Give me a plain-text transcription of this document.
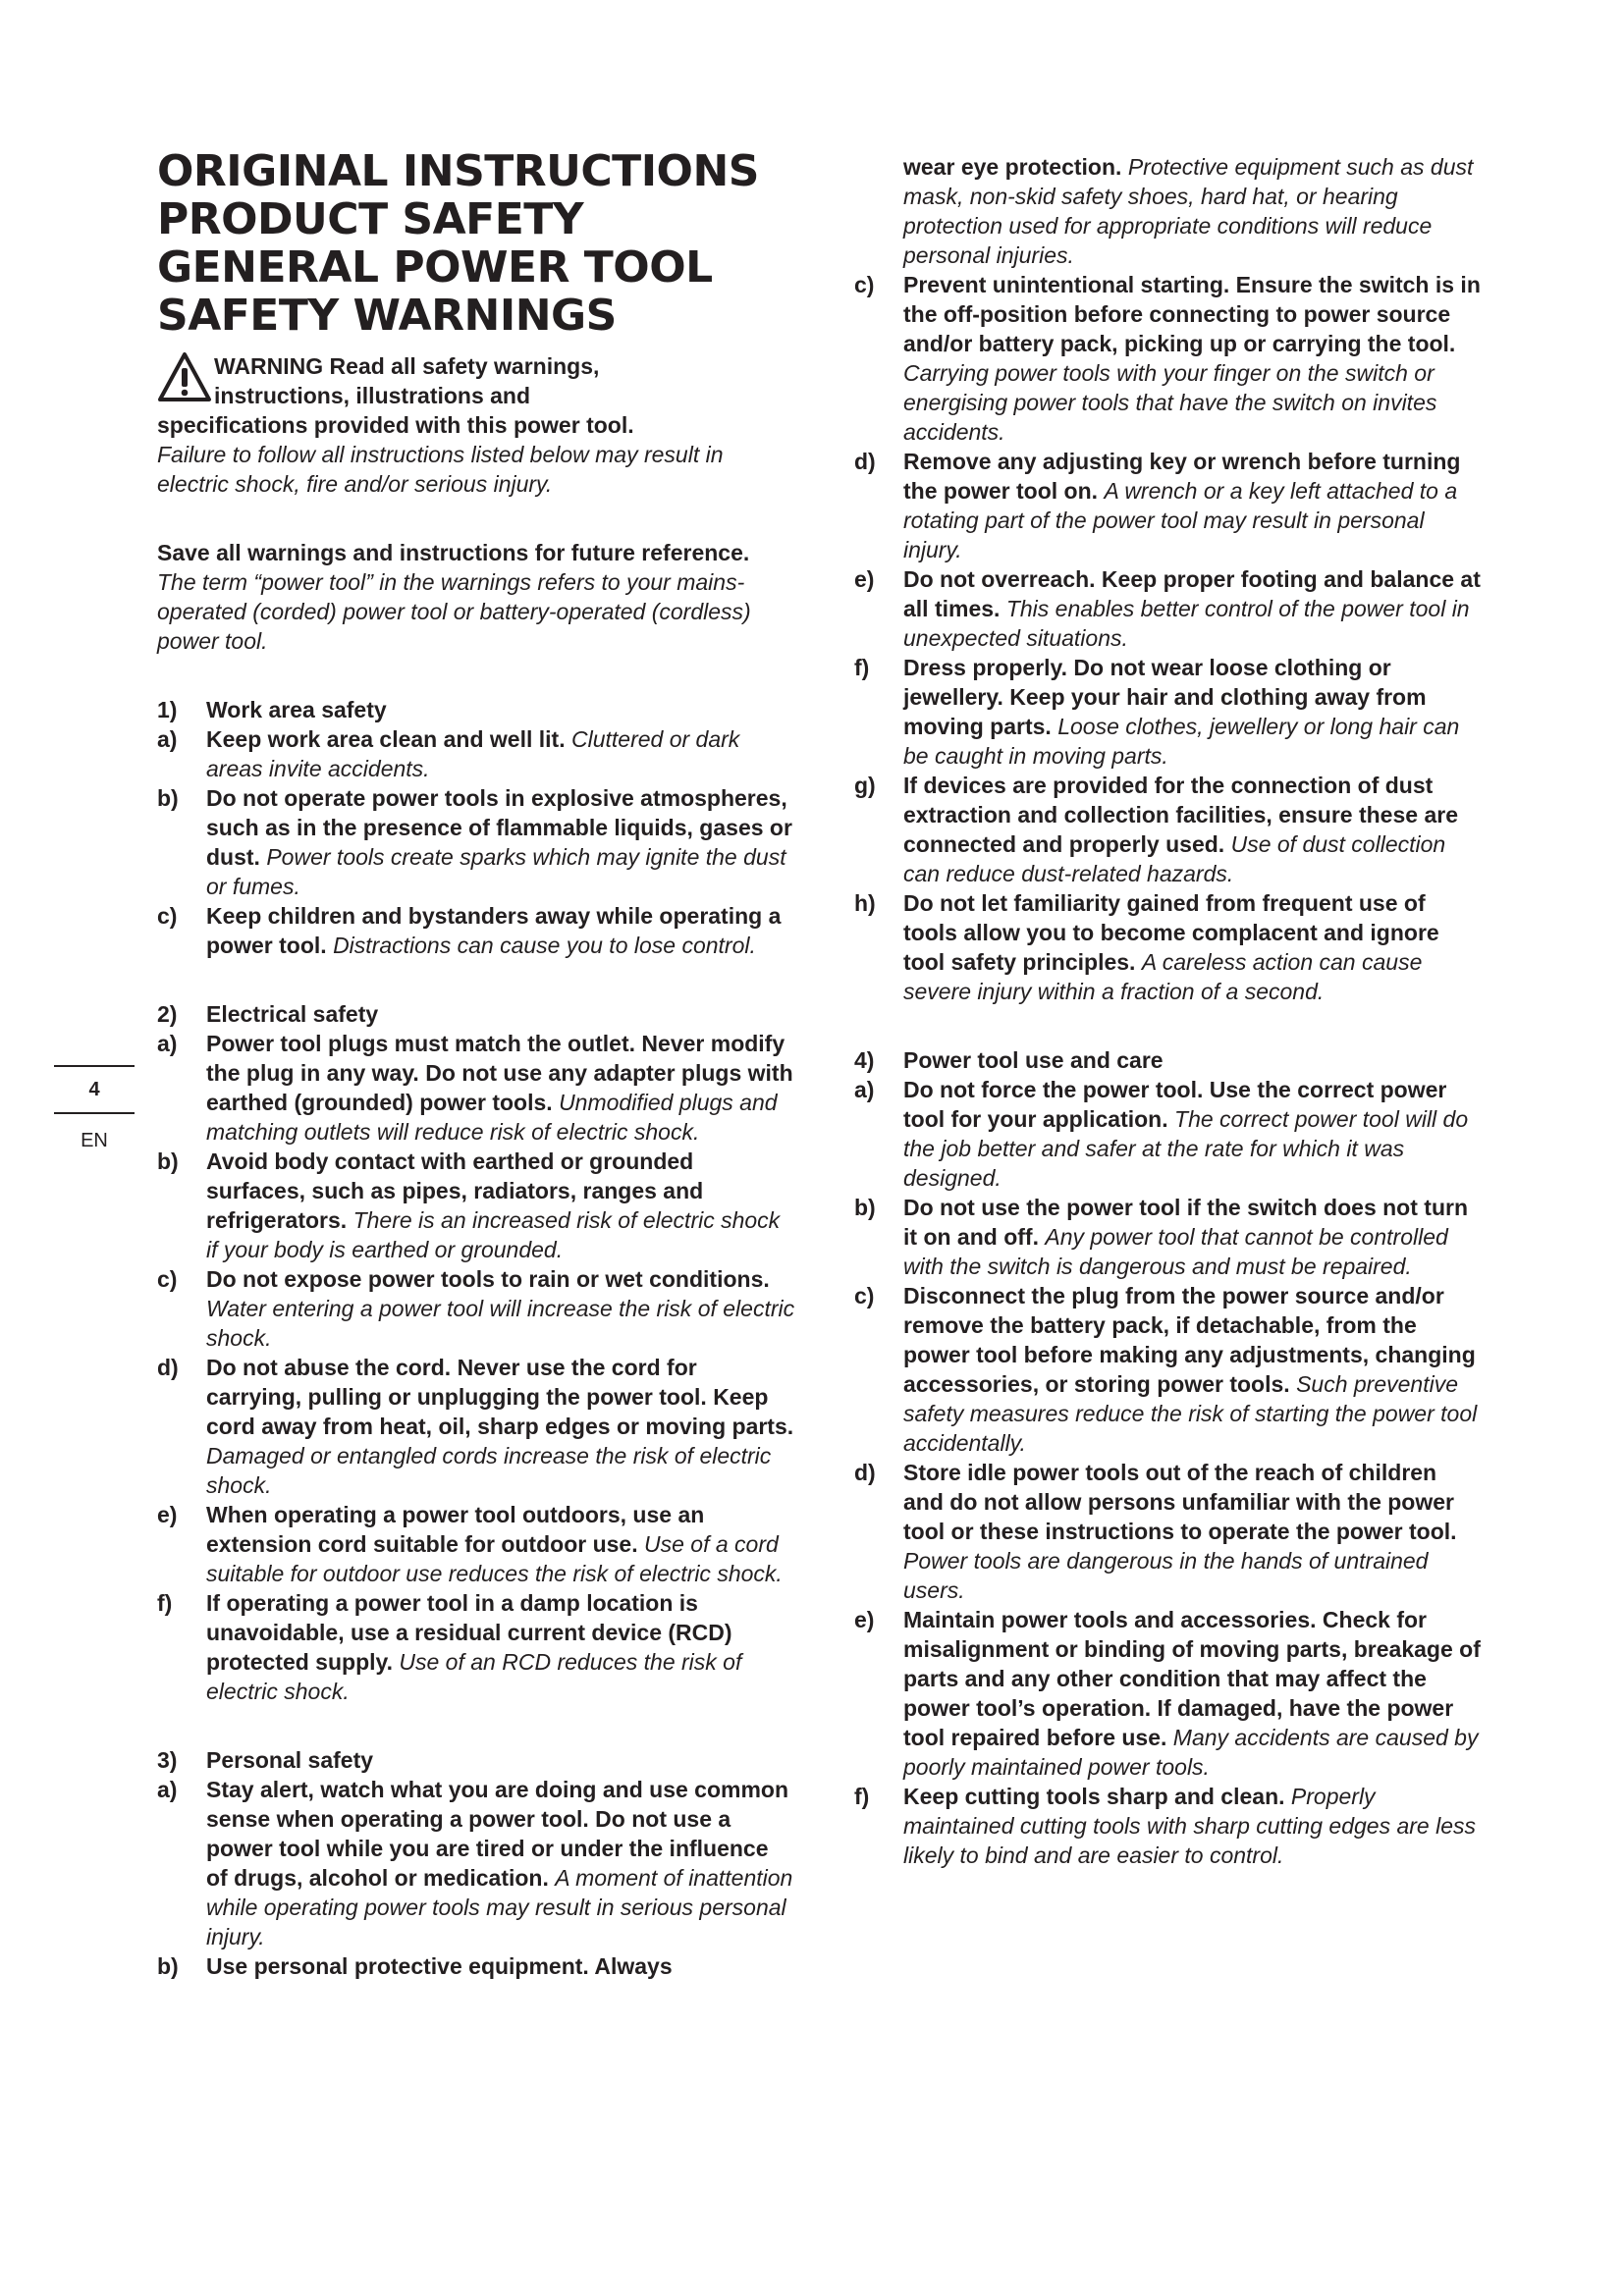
4
EN
ORIGINAL INSTRUCTIONS
PRODUCT SAFETY
GENERAL POWER TOOL
SAFETY WARNINGS
WARNING Read all safety warnings,
instructions, illustrations and
specifications provided with this power tool.
Failure to follow all instructions listed below may result in electric shock, fire and/or serious injury.
Save all warnings and instructions for future reference.
The term “power tool” in the warnings refers to your mains-operated (corded) power tool or battery-operated (cordless) power tool.
1)	Work area safety
a)	Keep work area clean and well lit. Cluttered or dark areas invite accidents.
b)	Do not operate power tools in explosive atmospheres, such as in the presence of flammable liquids, gases or dust. Power tools create sparks which may ignite the dust or fumes.
c)	Keep children and bystanders away while operating a power tool. Distractions can cause you to lose control.
2)	Electrical safety
a)	Power tool plugs must match the outlet. Never modify the plug in any way. Do not use any adapter plugs with earthed (grounded) power tools. Unmodified plugs and matching outlets will reduce risk of electric shock.
b)	Avoid body contact with earthed or grounded surfaces, such as pipes, radiators, ranges and refrigerators. There is an increased risk of electric shock if your body is earthed or grounded.
c)	Do not expose power tools to rain or wet conditions. Water entering a power tool will increase the risk of electric shock.
d)	Do not abuse the cord. Never use the cord for carrying, pulling or unplugging the power tool. Keep cord away from heat, oil, sharp edges or moving parts. Damaged or entangled cords increase the risk of electric shock.
e)	When operating a power tool outdoors, use an extension cord suitable for outdoor use. Use of a cord suitable for outdoor use reduces the risk of electric shock.
f)	If operating a power tool in a damp location is unavoidable, use a residual current device (RCD) protected supply. Use of an RCD reduces the risk of electric shock.
3)	Personal safety
a)	Stay alert, watch what you are doing and use common sense when operating a power tool. Do not use a power tool while you are tired or under the influence of drugs, alcohol or medication. A moment of inattention while operating power tools may result in serious personal injury.
b)	Use personal protective equipment. Always
wear eye protection. Protective equipment such as dust mask, non-skid safety shoes, hard hat, or hearing protection used for appropriate conditions will reduce personal injuries.
c)	Prevent unintentional starting. Ensure the switch is in the off-position before connecting to power source and/or battery pack, picking up or carrying the tool. Carrying power tools with your finger on the switch or energising power tools that have the switch on invites accidents.
d)	Remove any adjusting key or wrench before turning the power tool on. A wrench or a key left attached to a rotating part of the power tool may result in personal injury.
e)	Do not overreach. Keep proper footing and balance at all times. This enables better control of the power tool in unexpected situations.
f)	Dress properly. Do not wear loose clothing or jewellery. Keep your hair and clothing away from moving parts. Loose clothes, jewellery or long hair can be caught in moving parts.
g)	If devices are provided for the connection of dust extraction and collection facilities, ensure these are connected and properly used. Use of dust collection can reduce dust-related hazards.
h)	Do not let familiarity gained from frequent use of tools allow you to become complacent and ignore tool safety principles. A careless action can cause severe injury within a fraction of a second.
4)	Power tool use and care
a)	Do not force the power tool. Use the correct power tool for your application. The correct power tool will do the job better and safer at the rate for which it was designed.
b)	Do not use the power tool if the switch does not turn it on and off. Any power tool that cannot be controlled with the switch is dangerous and must be repaired.
c)	Disconnect the plug from the power source and/or remove the battery pack, if detachable, from the power tool before making any adjustments, changing accessories, or storing power tools. Such preventive safety measures reduce the risk of starting the power tool accidentally.
d)	Store idle power tools out of the reach of children and do not allow persons unfamiliar with the power tool or these instructions to operate the power tool. Power tools are dangerous in the hands of untrained users.
e)	Maintain power tools and accessories. Check for misalignment or binding of moving parts, breakage of parts and any other condition that may affect the power tool’s operation. If damaged, have the power tool repaired before use. Many accidents are caused by poorly maintained power tools.
f)	Keep cutting tools sharp and clean. Properly maintained cutting tools with sharp cutting edges are less likely to bind and are easier to control.
